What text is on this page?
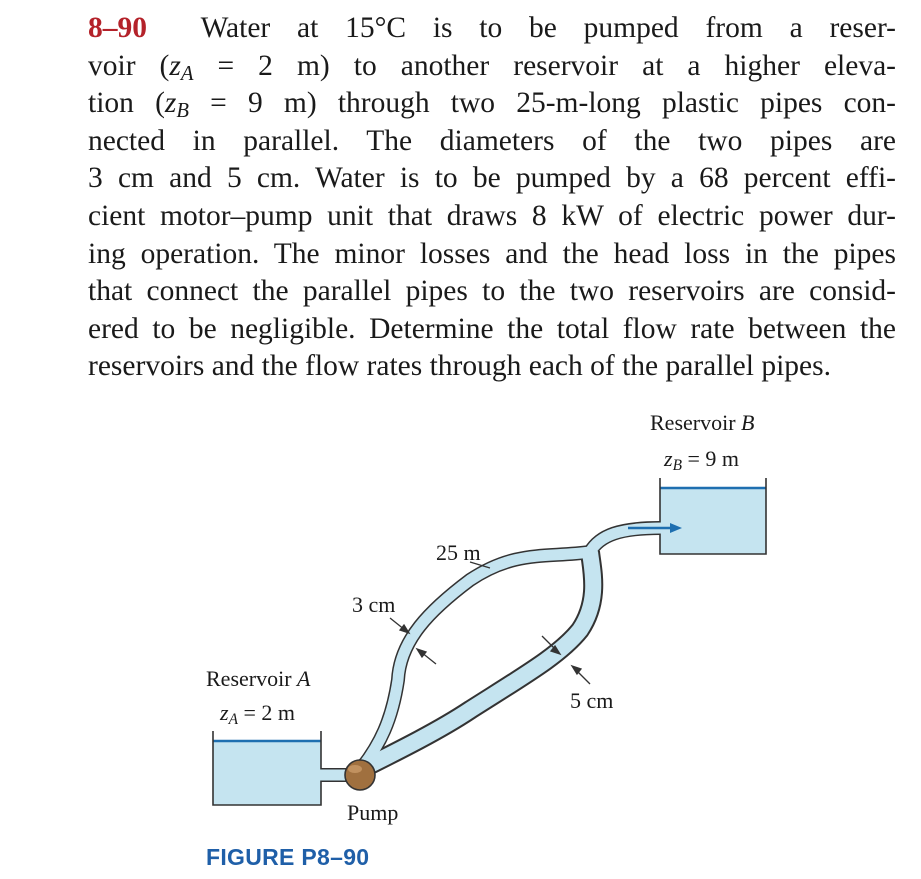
8–90 Water at 15°C is to be pumped from a reser-
voir ($z_A = 2$ m) to another reservoir at a higher eleva-
tion ($z_B = 9$ m) through two 25-m-long plastic pipes con-
nected in parallel. The diameters of the two pipes are
3 cm and 5 cm. Water is to be pumped by a 68 percent effi-
cient motor–pump unit that draws 8 kW of electric power dur-
ing operation. The minor losses and the head loss in the pipes
that connect the parallel pipes to the two reservoirs are consid-
ered to be negligible. Determine the total flow rate between the
reservoirs and the flow rates through each of the parallel pipes.
Reservoir B
$z_B = 9$ m
Reservoir A
$z_A = 2$ m
25 m
3 cm
5 cm
Pump
FIGURE P8–90
